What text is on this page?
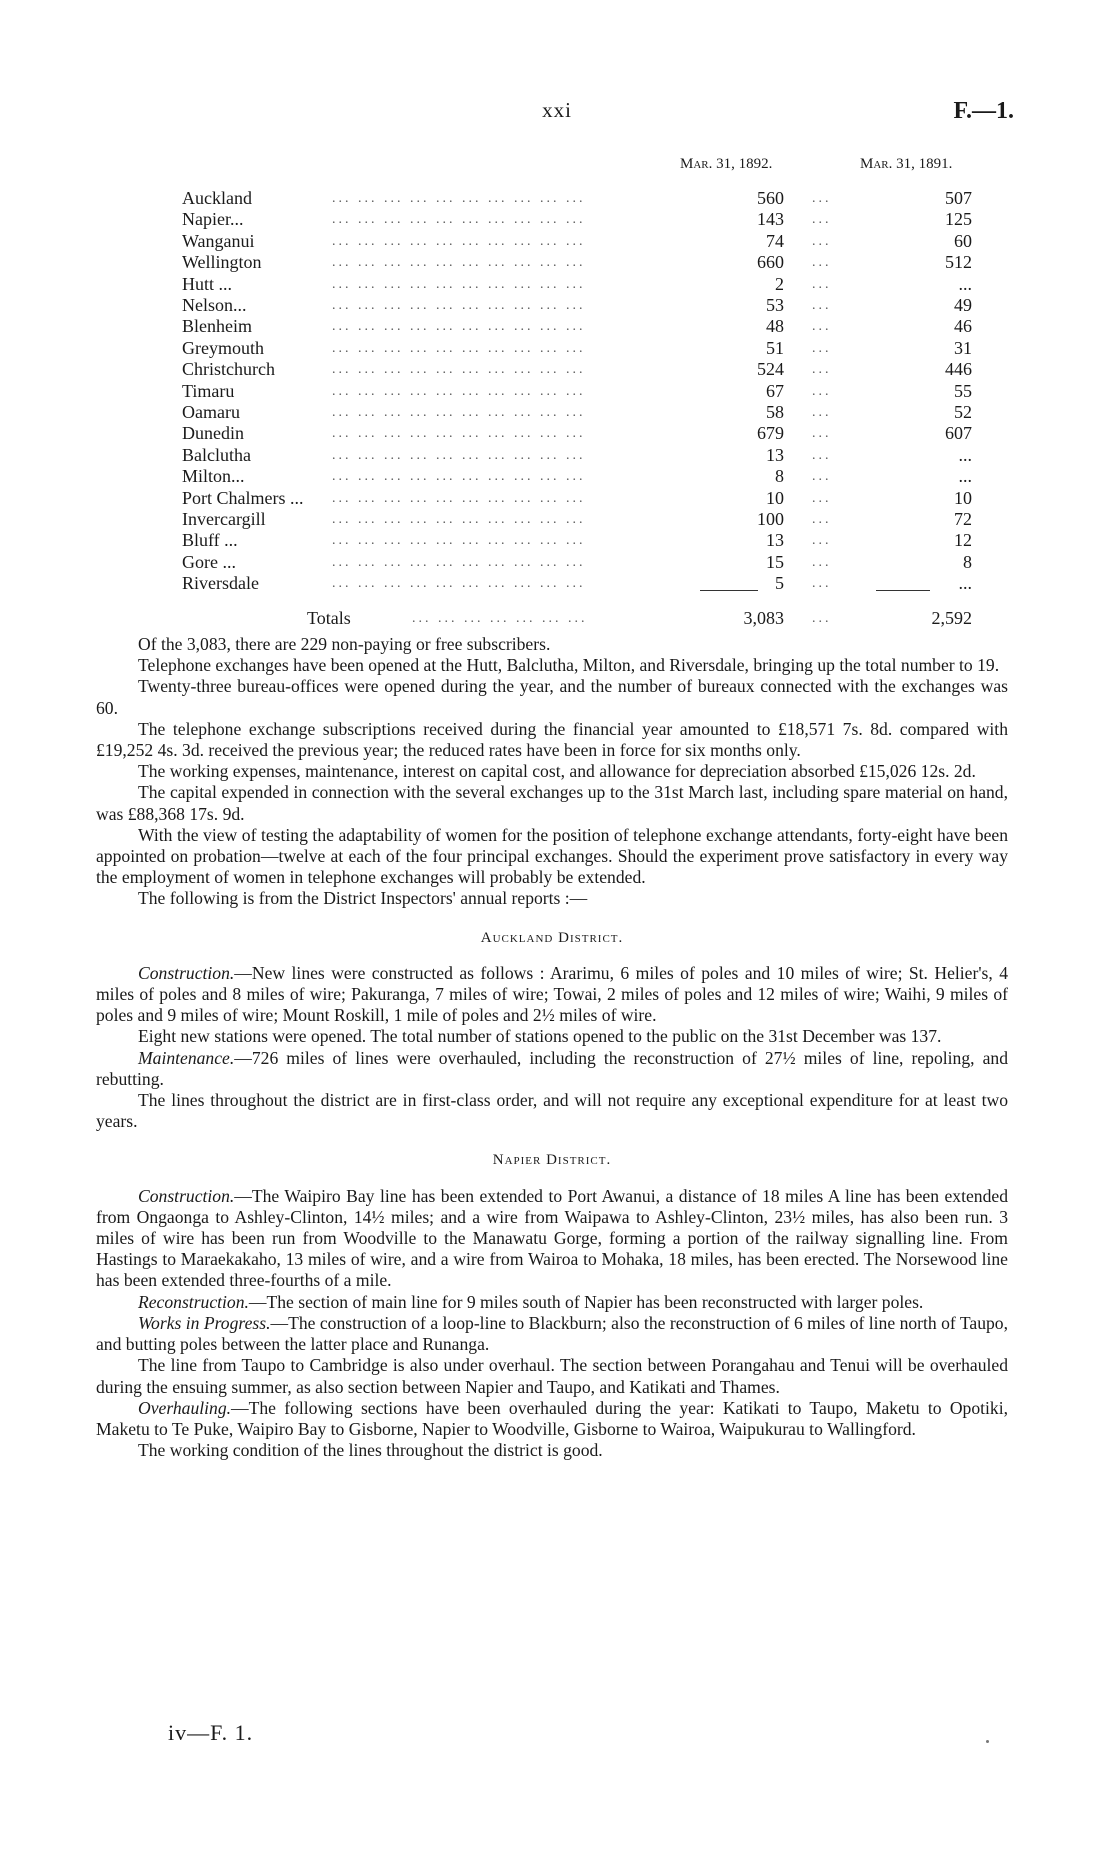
xxi	F.—1.
Mar. 31, 1892.	Mar. 31, 1891.
Auckland	... ... ... ... ... ... ... ... ... ...	560 ...	507
Napier...	... ... ... ... ... ... ... ... ... ...	143 ...	125
Wanganui	... ... ... ... ... ... ... ... ... ...	74 ...	60
Wellington	... ... ... ... ... ... ... ... ... ...	660 ...	512
Hutt ...	... ... ... ... ... ... ... ... ... ...	2 ...	...
Nelson...	... ... ... ... ... ... ... ... ... ...	53 ...	49
Blenheim	... ... ... ... ... ... ... ... ... ...	48 ...	46
Greymouth	... ... ... ... ... ... ... ... ... ...	51 ...	31
Christchurch	... ... ... ... ... ... ... ... ... ...	524 ...	446
Timaru	... ... ... ... ... ... ... ... ... ...	67 ...	55
Oamaru	... ... ... ... ... ... ... ... ... ...	58 ...	52
Dunedin	... ... ... ... ... ... ... ... ... ...	679 ...	607
Balclutha	... ... ... ... ... ... ... ... ... ...	13 ...	...
Milton...	... ... ... ... ... ... ... ... ... ...	8 ...	...
Port Chalmers ...	... ... ... ... ... ... ... ... ... ...	10 ...	10
Invercargill	... ... ... ... ... ... ... ... ... ...	100 ...	72
Bluff ...	... ... ... ... ... ... ... ... ... ...	13 ...	12
Gore ...	... ... ... ... ... ... ... ... ... ...	15 ...	8
Riversdale	... ... ... ... ... ... ... ... ... ...	5 ...	...
Totals	... ... ... ... ... ... ...	3,083 ...	2,592

Of the 3,083, there are 229 non-paying or free subscribers.

Telephone exchanges have been opened at the Hutt, Balclutha, Milton, and Riversdale, bringing up the total number to 19.

Twenty-three bureau-offices were opened during the year, and the number of bureaux connected with the exchanges was 60.

The telephone exchange subscriptions received during the financial year amounted to £18,571 7s. 8d. compared with £19,252 4s. 3d. received the previous year; the reduced rates have been in force for six months only.

The working expenses, maintenance, interest on capital cost, and allowance for depreciation absorbed £15,026 12s. 2d.

The capital expended in connection with the several exchanges up to the 31st March last, including spare material on hand, was £88,368 17s. 9d.

With the view of testing the adaptability of women for the position of telephone exchange attendants, forty-eight have been appointed on probation—twelve at each of the four principal exchanges. Should the experiment prove satisfactory in every way the employment of women in telephone exchanges will probably be extended.

The following is from the District Inspectors' annual reports :—

Auckland District.

Construction.—New lines were constructed as follows : Ararimu, 6 miles of poles and 10 miles of wire; St. Helier's, 4 miles of poles and 8 miles of wire; Pakuranga, 7 miles of wire; Towai, 2 miles of poles and 12 miles of wire; Waihi, 9 miles of poles and 9 miles of wire; Mount Roskill, 1 mile of poles and 2½ miles of wire.

Eight new stations were opened. The total number of stations opened to the public on the 31st December was 137.

Maintenance.—726 miles of lines were overhauled, including the reconstruction of 27½ miles of line, repoling, and rebutting.

The lines throughout the district are in first-class order, and will not require any exceptional expenditure for at least two years.

Napier District.

Construction.—The Waipiro Bay line has been extended to Port Awanui, a distance of 18 miles A line has been extended from Ongaonga to Ashley-Clinton, 14½ miles; and a wire from Waipawa to Ashley-Clinton, 23½ miles, has also been run. 3 miles of wire has been run from Woodville to the Manawatu Gorge, forming a portion of the railway signalling line. From Hastings to Maraekakaho, 13 miles of wire, and a wire from Wairoa to Mohaka, 18 miles, has been erected. The Norsewood line has been extended three-fourths of a mile.

Reconstruction.—The section of main line for 9 miles south of Napier has been reconstructed with larger poles.

Works in Progress.—The construction of a loop-line to Blackburn; also the reconstruction of 6 miles of line north of Taupo, and butting poles between the latter place and Runanga.

The line from Taupo to Cambridge is also under overhaul. The section between Porangahau and Tenui will be overhauled during the ensuing summer, as also section between Napier and Taupo, and Katikati and Thames.

Overhauling.—The following sections have been overhauled during the year: Katikati to Taupo, Maketu to Opotiki, Maketu to Te Puke, Waipiro Bay to Gisborne, Napier to Woodville, Gisborne to Wairoa, Waipukurau to Wallingford.

The working condition of the lines throughout the district is good.

iv—F. 1.
